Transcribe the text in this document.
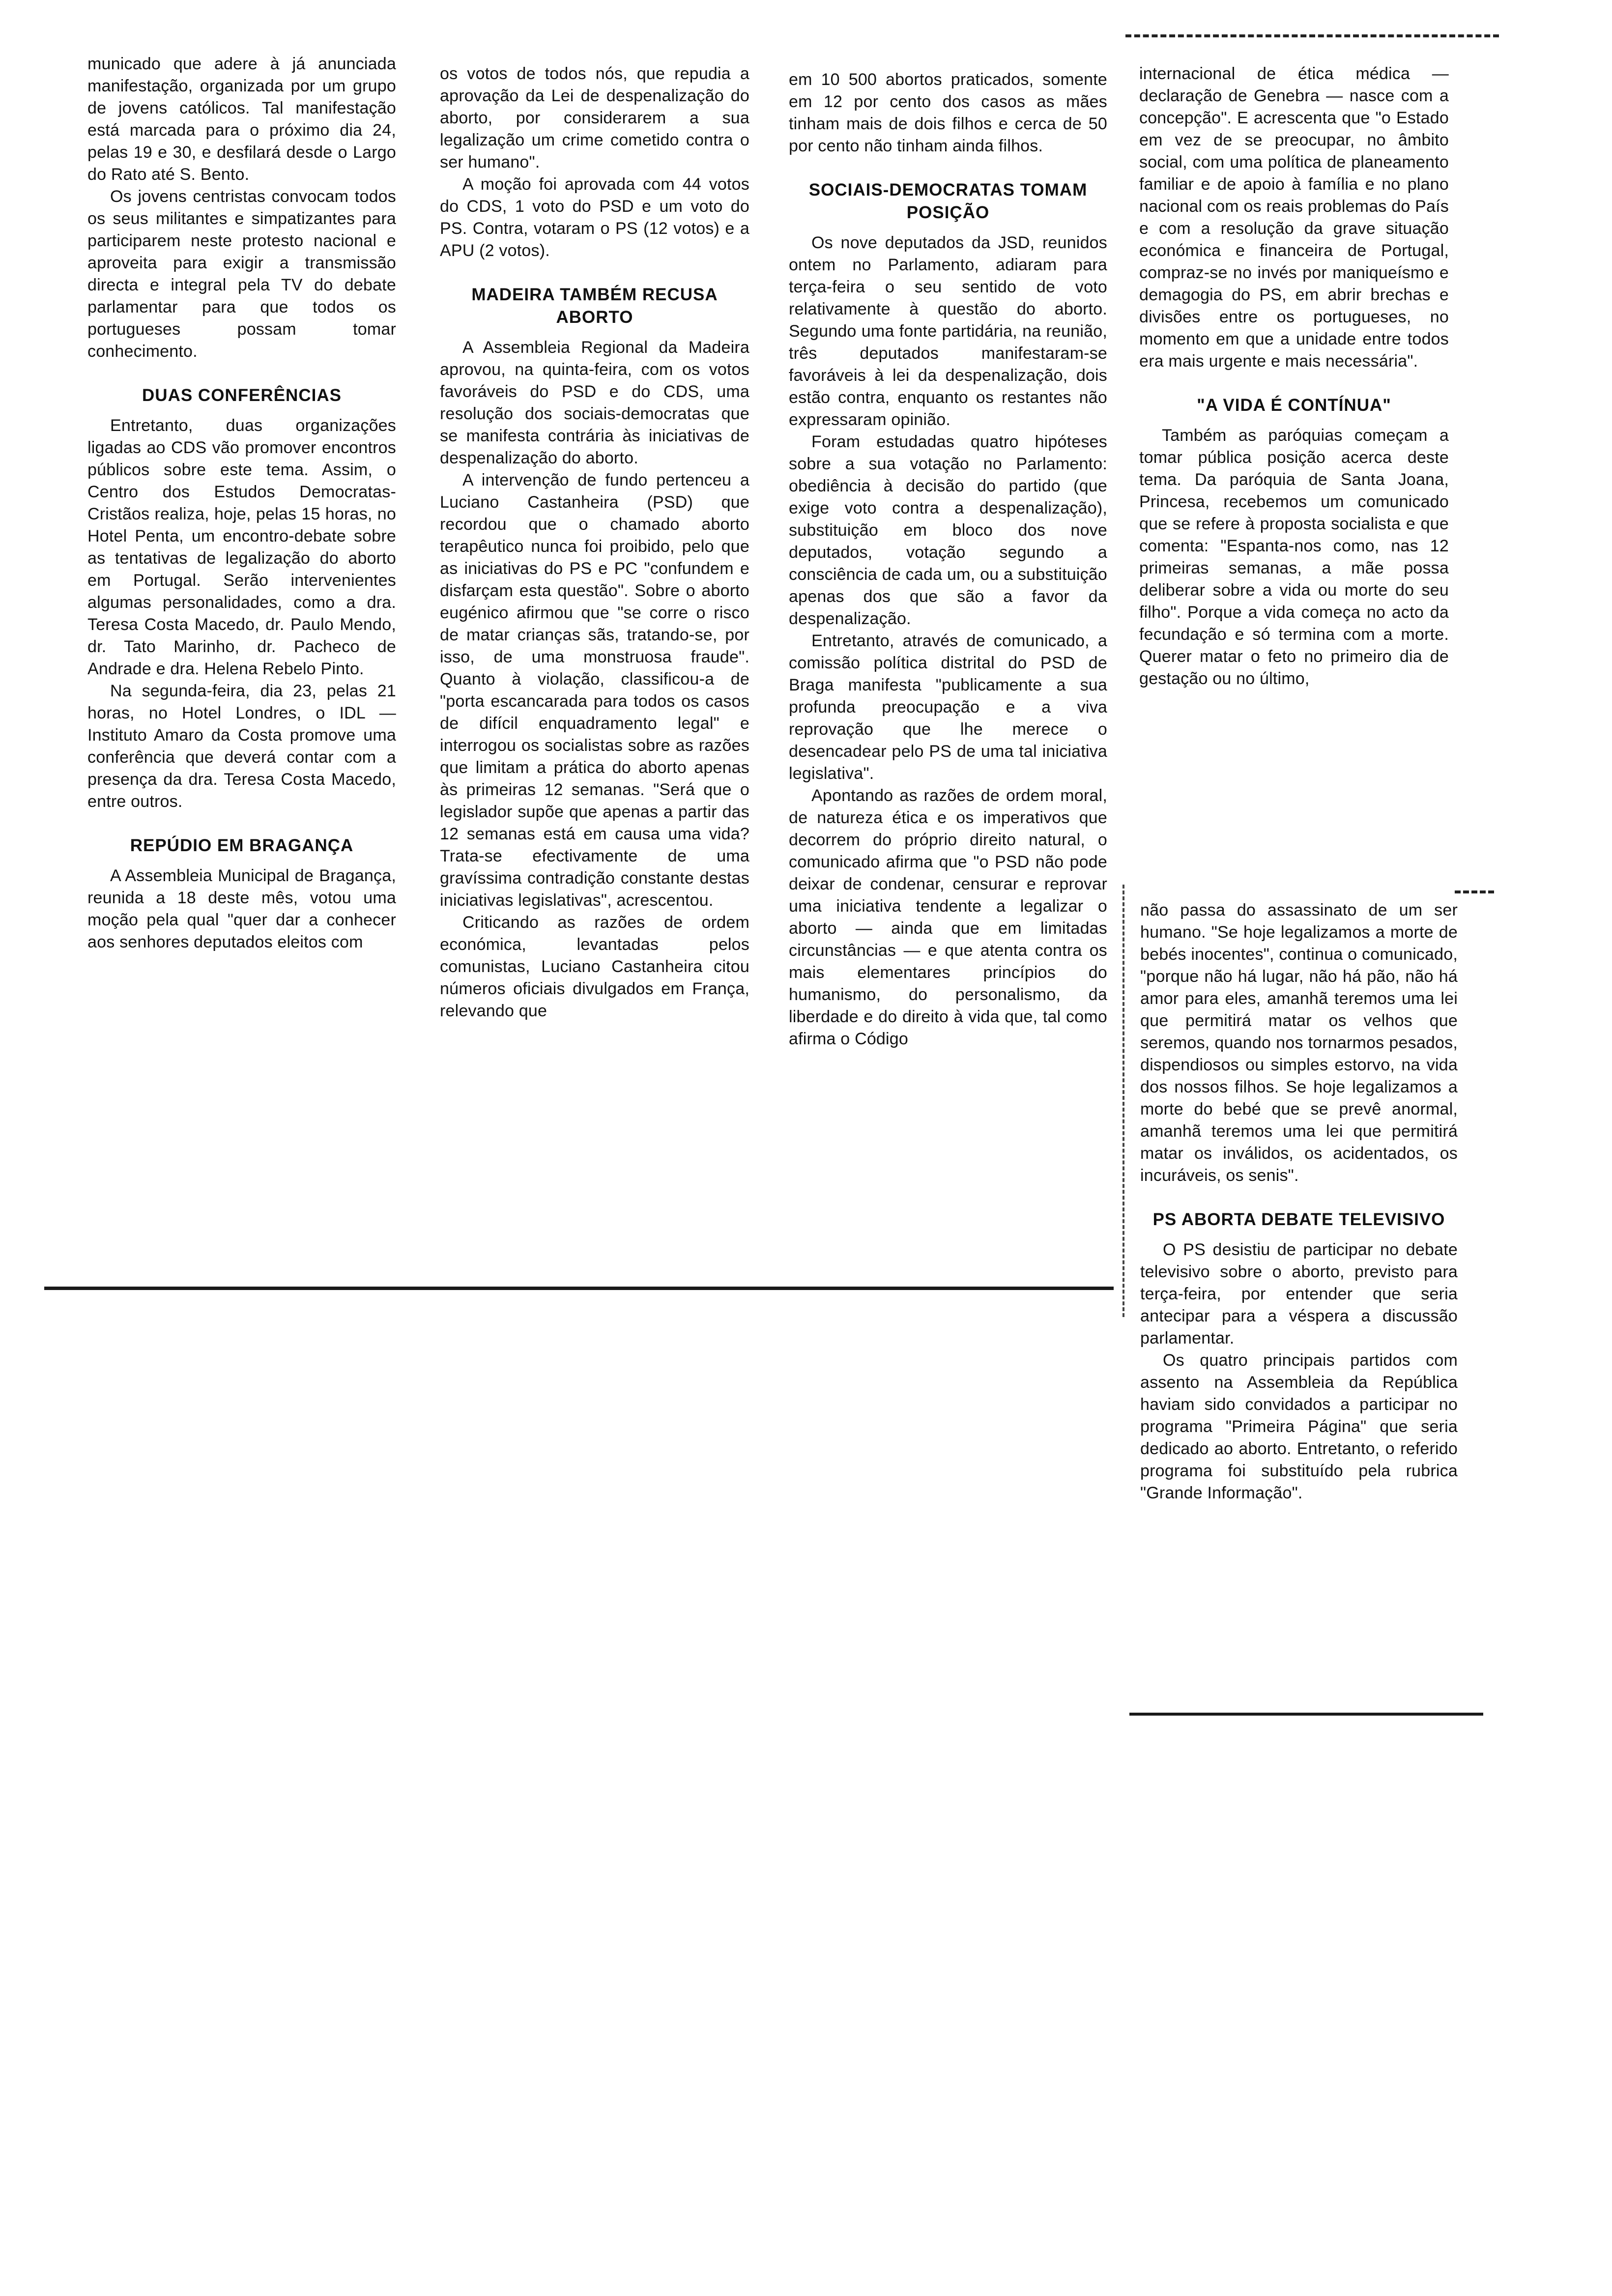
municado que adere à já anunciada manifestação, organizada por um grupo de jovens católicos. Tal manifestação está marcada para o próximo dia 24, pelas 19 e 30, e desfilará desde o Largo do Rato até S. Bento.

Os jovens centristas convocam todos os seus militantes e simpatizantes para participarem neste protesto nacional e aproveita para exigir a transmissão directa e integral pela TV do debate parlamentar para que todos os portugueses possam tomar conhecimento.

DUAS CONFERÊNCIAS

Entretanto, duas organizações ligadas ao CDS vão promover encontros públicos sobre este tema. Assim, o Centro dos Estudos Democratas-Cristãos realiza, hoje, pelas 15 horas, no Hotel Penta, um encontro-debate sobre as tentativas de legalização do aborto em Portugal. Serão intervenientes algumas personalidades, como a dra. Teresa Costa Macedo, dr. Paulo Mendo, dr. Tato Marinho, dr. Pacheco de Andrade e dra. Helena Rebelo Pinto.

Na segunda-feira, dia 23, pelas 21 horas, no Hotel Londres, o IDL — Instituto Amaro da Costa promove uma conferência que deverá contar com a presença da dra. Teresa Costa Macedo, entre outros.

REPÚDIO EM BRAGANÇA

A Assembleia Municipal de Bragança, reunida a 18 deste mês, votou uma moção pela qual "quer dar a conhecer aos senhores deputados eleitos com

os votos de todos nós, que repudia a aprovação da Lei de despenalização do aborto, por considerarem a sua legalização um crime cometido contra o ser humano".

A moção foi aprovada com 44 votos do CDS, 1 voto do PSD e um voto do PS. Contra, votaram o PS (12 votos) e a APU (2 votos).

MADEIRA TAMBÉM RECUSA ABORTO

A Assembleia Regional da Madeira aprovou, na quinta-feira, com os votos favoráveis do PSD e do CDS, uma resolução dos sociais-democratas que se manifesta contrária às iniciativas de despenalização do aborto.

A intervenção de fundo pertenceu a Luciano Castanheira (PSD) que recordou que o chamado aborto terapêutico nunca foi proibido, pelo que as iniciativas do PS e PC "confundem e disfarçam esta questão". Sobre o aborto eugénico afirmou que "se corre o risco de matar crianças sãs, tratando-se, por isso, de uma monstruosa fraude". Quanto à violação, classificou-a de "porta escancarada para todos os casos de difícil enquadramento legal" e interrogou os socialistas sobre as razões que limitam a prática do aborto apenas às primeiras 12 semanas. "Será que o legislador supõe que apenas a partir das 12 semanas está em causa uma vida? Trata-se efectivamente de uma gravíssima contradição constante destas iniciativas legislativas", acrescentou.

Criticando as razões de ordem económica, levantadas pelos comunistas, Luciano Castanheira citou números oficiais divulgados em França, relevando que

em 10 500 abortos praticados, somente em 12 por cento dos casos as mães tinham mais de dois filhos e cerca de 50 por cento não tinham ainda filhos.

SOCIAIS-DEMOCRATAS TOMAM POSIÇÃO

Os nove deputados da JSD, reunidos ontem no Parlamento, adiaram para terça-feira o seu sentido de voto relativamente à questão do aborto. Segundo uma fonte partidária, na reunião, três deputados manifestaram-se favoráveis à lei da despenalização, dois estão contra, enquanto os restantes não expressaram opinião.

Foram estudadas quatro hipóteses sobre a sua votação no Parlamento: obediência à decisão do partido (que exige voto contra a despenalização), substituição em bloco dos nove deputados, votação segundo a consciência de cada um, ou a substituição apenas dos que são a favor da despenalização.

Entretanto, através de comunicado, a comissão política distrital do PSD de Braga manifesta "publicamente a sua profunda preocupação e a viva reprovação que lhe merece o desencadear pelo PS de uma tal iniciativa legislativa".

Apontando as razões de ordem moral, de natureza ética e os imperativos que decorrem do próprio direito natural, o comunicado afirma que "o PSD não pode deixar de condenar, censurar e reprovar uma iniciativa tendente a legalizar o aborto — ainda que em limitadas circunstâncias — e que atenta contra os mais elementares princípios do humanismo, do personalismo, da liberdade e do direito à vida que, tal como afirma o Código

internacional de ética médica — declaração de Genebra — nasce com a concepção". E acrescenta que "o Estado em vez de se preocupar, no âmbito social, com uma política de planeamento familiar e de apoio à família e no plano nacional com os reais problemas do País e com a resolução da grave situação económica e financeira de Portugal, compraz-se no invés por maniqueísmo e demagogia do PS, em abrir brechas e divisões entre os portugueses, no momento em que a unidade entre todos era mais urgente e mais necessária".

"A VIDA É CONTÍNUA"

Também as paróquias começam a tomar pública posição acerca deste tema. Da paróquia de Santa Joana, Princesa, recebemos um comunicado que se refere à proposta socialista e que comenta: "Espanta-nos como, nas 12 primeiras semanas, a mãe possa deliberar sobre a vida ou morte do seu filho". Porque a vida começa no acto da fecundação e só termina com a morte. Querer matar o feto no primeiro dia de gestação ou no último,

não passa do assassinato de um ser humano. "Se hoje legalizamos a morte de bebés inocentes", continua o comunicado, "porque não há lugar, não há pão, não há amor para eles, amanhã teremos uma lei que permitirá matar os velhos que seremos, quando nos tornarmos pesados, dispendiosos ou simples estorvo, na vida dos nossos filhos. Se hoje legalizamos a morte do bebé que se prevê anormal, amanhã teremos uma lei que permitirá matar os inválidos, os acidentados, os incuráveis, os senis".

PS ABORTA DEBATE TELEVISIVO

O PS desistiu de participar no debate televisivo sobre o aborto, previsto para terça-feira, por entender que seria antecipar para a véspera a discussão parlamentar.

Os quatro principais partidos com assento na Assembleia da República haviam sido convidados a participar no programa "Primeira Página" que seria dedicado ao aborto. Entretanto, o referido programa foi substituído pela rubrica "Grande Informação".
